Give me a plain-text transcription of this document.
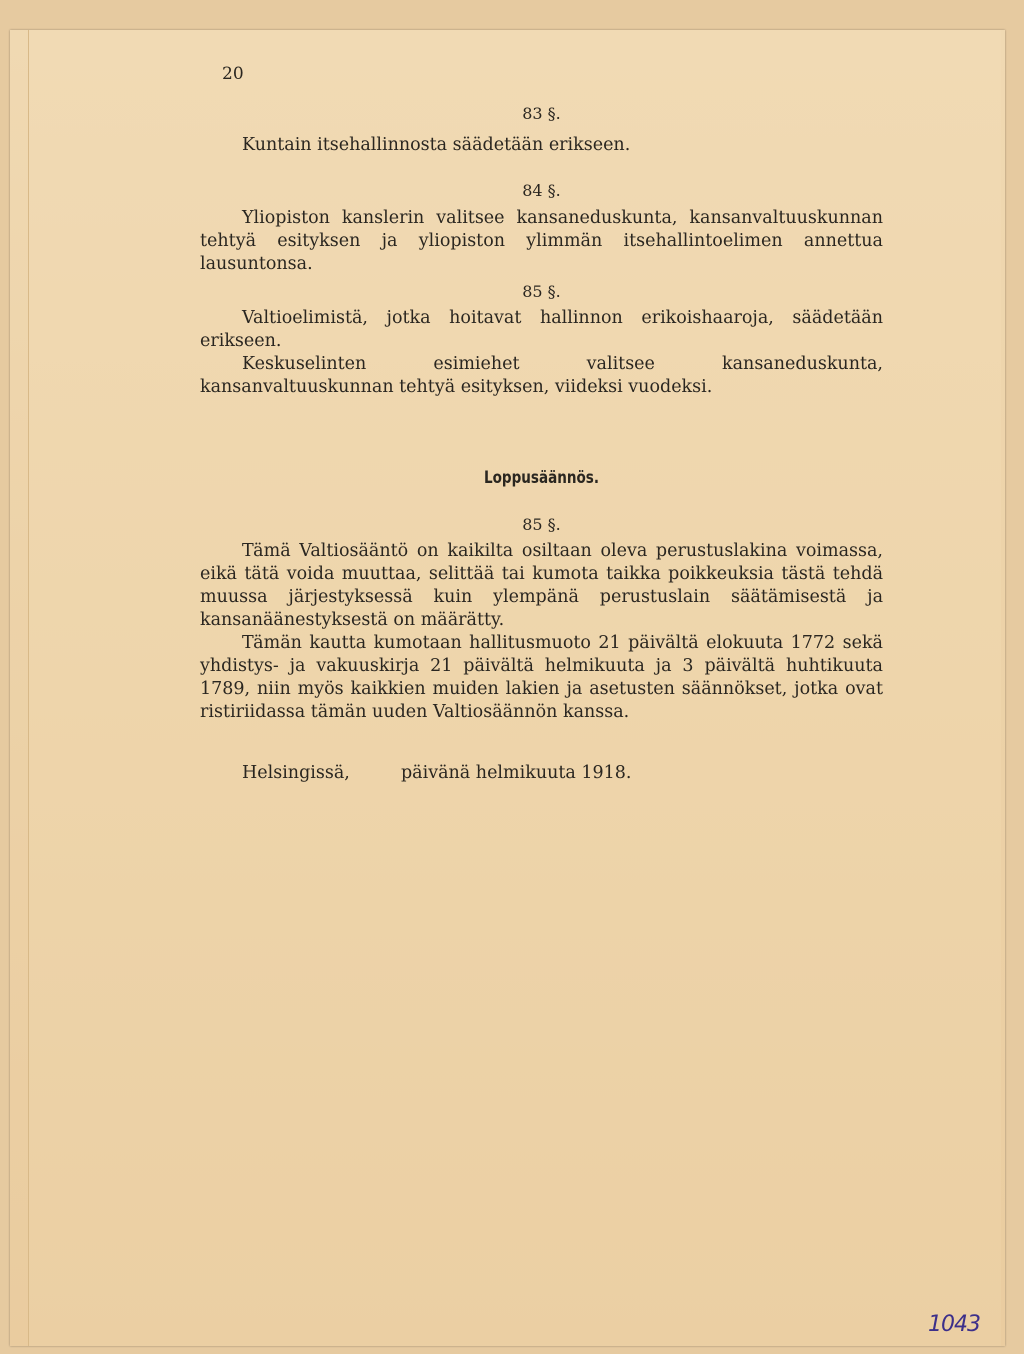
20
83 §.

Kuntain itsehallinnosta säädetään erikseen.

84 §.

Yliopiston kanslerin valitsee kansaneduskunta, kansanvaltuuskunnan tehtyä esityksen ja yliopiston ylimmän itsehallintoelimen annettua lausuntonsa.

85 §.

Valtioelimistä, jotka hoitavat hallinnon erikoishaaroja, säädetään erikseen.

Keskuselinten esimiehet valitsee kansaneduskunta, kansanvaltuuskunnan tehtyä esityksen, viideksi vuodeksi.

Loppusäännös.
85 §.

Tämä Valtiosääntö on kaikilta osiltaan oleva perustuslakina voimassa, eikä tätä voida muuttaa, selittää tai kumota taikka poikkeuksia tästä tehdä muussa järjestyksessä kuin ylempänä perustuslain säätämisestä ja kansanäänestyksestä on määrätty.

Tämän kautta kumotaan hallitusmuoto 21 päivältä elokuuta 1772 sekä yhdistys- ja vakuuskirja 21 päivältä helmikuuta ja 3 päivältä huhtikuuta 1789, niin myös kaikkien muiden lakien ja asetusten säännökset, jotka ovat ristiriidassa tämän uuden Valtiosäännön kanssa.

Helsingissä,	päivänä helmikuuta 1918.
1043
